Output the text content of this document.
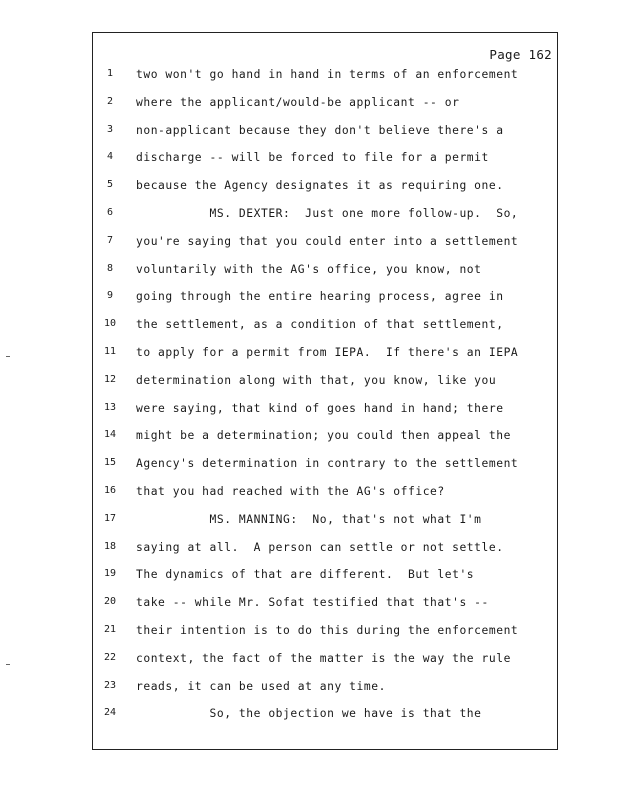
Page 162
1	two won't go hand in hand in terms of an enforcement
2	where the applicant/would-be applicant -- or
3	non-applicant because they don't believe there's a
4	discharge -- will be forced to file for a permit
5	because the Agency designates it as requiring one.
6	MS. DEXTER:  Just one more follow-up.  So,
7	you're saying that you could enter into a settlement
8	voluntarily with the AG's office, you know, not
9	going through the entire hearing process, agree in
10	the settlement, as a condition of that settlement,
11	to apply for a permit from IEPA.  If there's an IEPA
12	determination along with that, you know, like you
13	were saying, that kind of goes hand in hand; there
14	might be a determination; you could then appeal the
15	Agency's determination in contrary to the settlement
16	that you had reached with the AG's office?
17	MS. MANNING:  No, that's not what I'm
18	saying at all.  A person can settle or not settle.
19	The dynamics of that are different.  But let's
20	take -- while Mr. Sofat testified that that's --
21	their intention is to do this during the enforcement
22	context, the fact of the matter is the way the rule
23	reads, it can be used at any time.
24	So, the objection we have is that the
